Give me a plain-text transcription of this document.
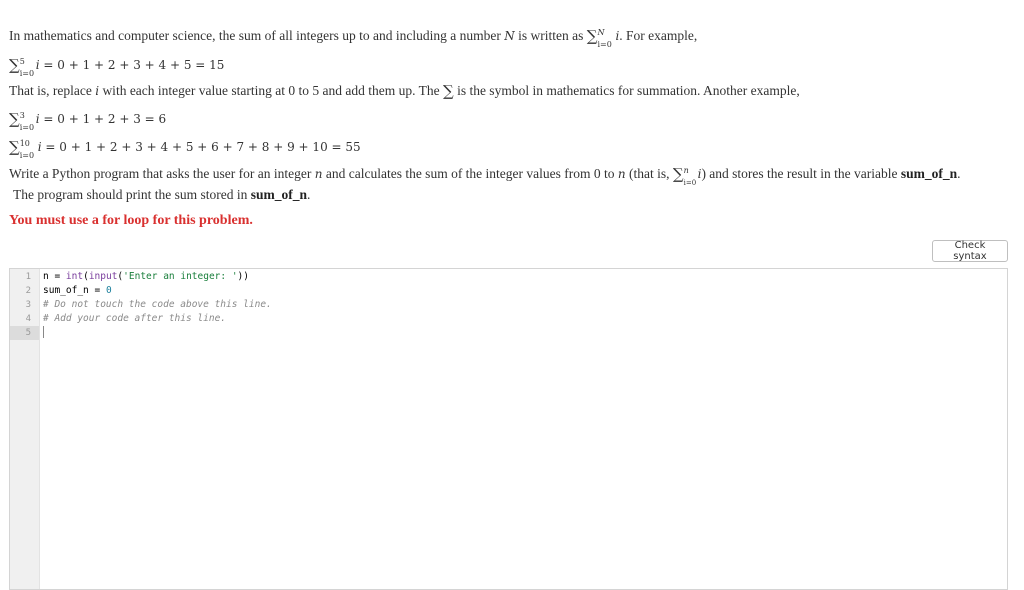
In mathematics and computer science, the sum of all integers up to and including a number N is written as ∑ N
i=0
i. For example,
∑ 5
i=0
i = 0 + 1 + 2 + 3 + 4 + 5 = 15
That is, replace i with each integer value starting at 0 to 5 and add them up. The ∑ is the symbol in mathematics for summation. Another example,
∑ 3
i=0
i = 0 + 1 + 2 + 3 = 6
∑ 10
i=0
i = 0 + 1 + 2 + 3 + 4 + 5 + 6 + 7 + 8 + 9 + 10 = 55
Write a Python program that asks the user for an integer n and calculates the sum of the integer values from 0 to n (that is, ∑ n
i=0
i) and stores the result in the variable sum_of_n.
The program should print the sum stored in sum_of_n.
You must use a for loop for this problem.
Check syntax
1
2
3
4
5
n = int(input('Enter an integer: '))
sum_of_n = 0
# Do not touch the code above this line.
# Add your code after this line.
